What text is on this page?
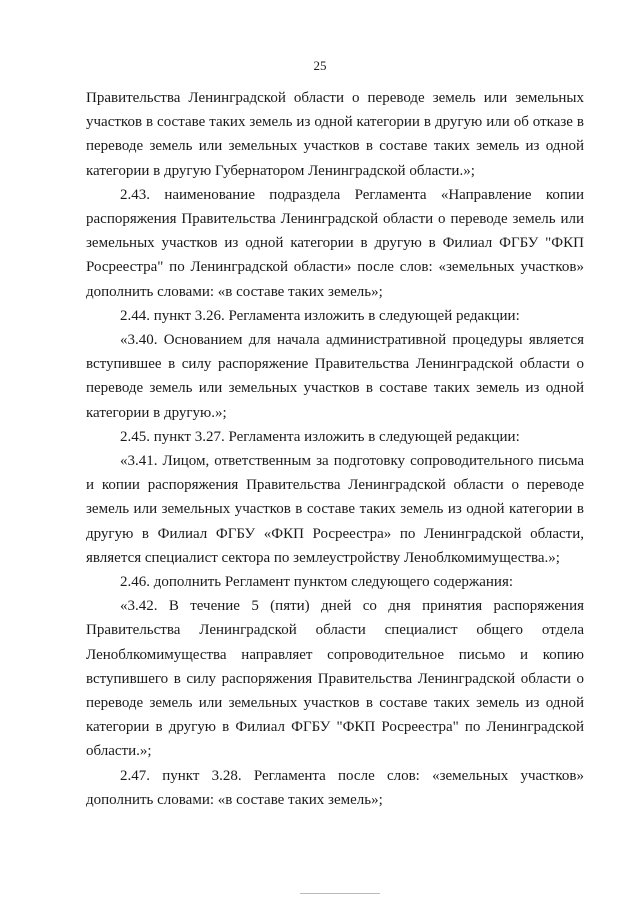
25
Правительства Ленинградской области о переводе земель или земельных
участков в составе таких земель из одной категории в другую или об отказе в
переводе земель или земельных участков в составе таких земель из одной
категории в другую Губернатором Ленинградской области.»;
2.43. наименование подраздела Регламента «Направление копии
распоряжения Правительства Ленинградской области о переводе земель или
земельных участков из одной категории в другую в Филиал ФГБУ "ФКП
Росреестра" по Ленинградской области» после слов: «земельных участков»
дополнить словами: «в составе таких земель»;
2.44. пункт 3.26. Регламента изложить в следующей редакции:
«3.40. Основанием для начала административной процедуры является
вступившее в силу распоряжение Правительства Ленинградской области о
переводе земель или земельных участков в составе таких земель из одной
категории в другую.»;
2.45. пункт 3.27. Регламента изложить в следующей редакции:
«3.41. Лицом, ответственным за подготовку сопроводительного письма
и копии распоряжения Правительства Ленинградской области о переводе
земель или земельных участков в составе таких земель из одной категории в
другую в Филиал ФГБУ «ФКП Росреестра» по Ленинградской области,
является специалист сектора по землеустройству Леноблкомимущества.»;
2.46. дополнить Регламент пунктом следующего содержания:
«3.42. В течение 5 (пяти) дней со дня принятия распоряжения
Правительства Ленинградской области специалист общего отдела
Леноблкомимущества направляет сопроводительное письмо и копию
вступившего в силу распоряжения Правительства Ленинградской области о
переводе земель или земельных участков в составе таких земель из одной
категории в другую в Филиал ФГБУ "ФКП Росреестра" по Ленинградской
области.»;
2.47. пункт 3.28. Регламента после слов: «земельных участков»
дополнить словами: «в составе таких земель»;
